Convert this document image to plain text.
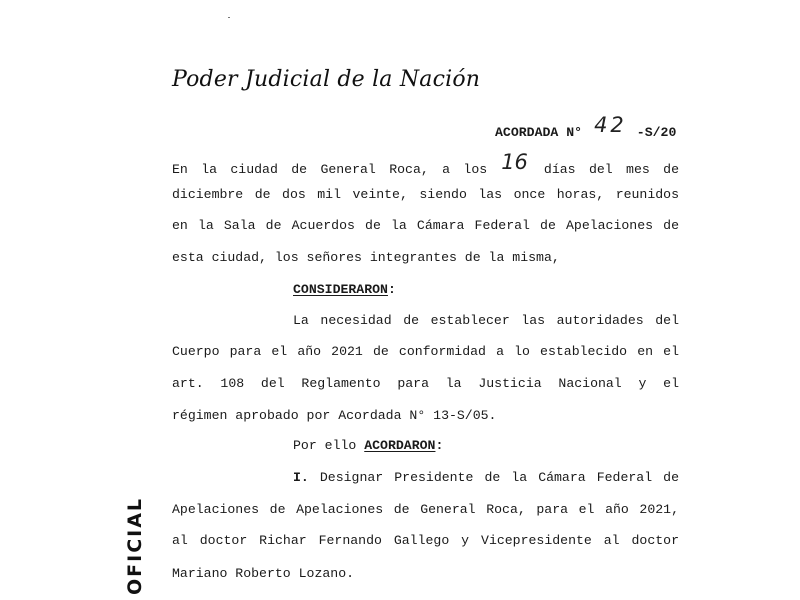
Poder Judicial de la Nación
ACORDADA N° 42 -S/20
En la ciudad de General Roca, a los 16 días del mes de
diciembre de dos mil veinte, siendo las once horas, reunidos
en la Sala de Acuerdos de la Cámara Federal de Apelaciones de
esta ciudad, los señores integrantes de la misma,
CONSIDERARON:
La necesidad de establecer las autoridades del
Cuerpo para el año 2021 de conformidad a lo establecido en el
art. 108 del Reglamento para la Justicia Nacional y el
régimen aprobado por Acordada N° 13-S/05.
Por ello ACORDARON:
I. Designar Presidente de la Cámara Federal de
Apelaciones de Apelaciones de General Roca, para el año 2021,
al doctor Richar Fernando Gallego y Vicepresidente al doctor
Mariano Roberto Lozano.
OFICIAL
